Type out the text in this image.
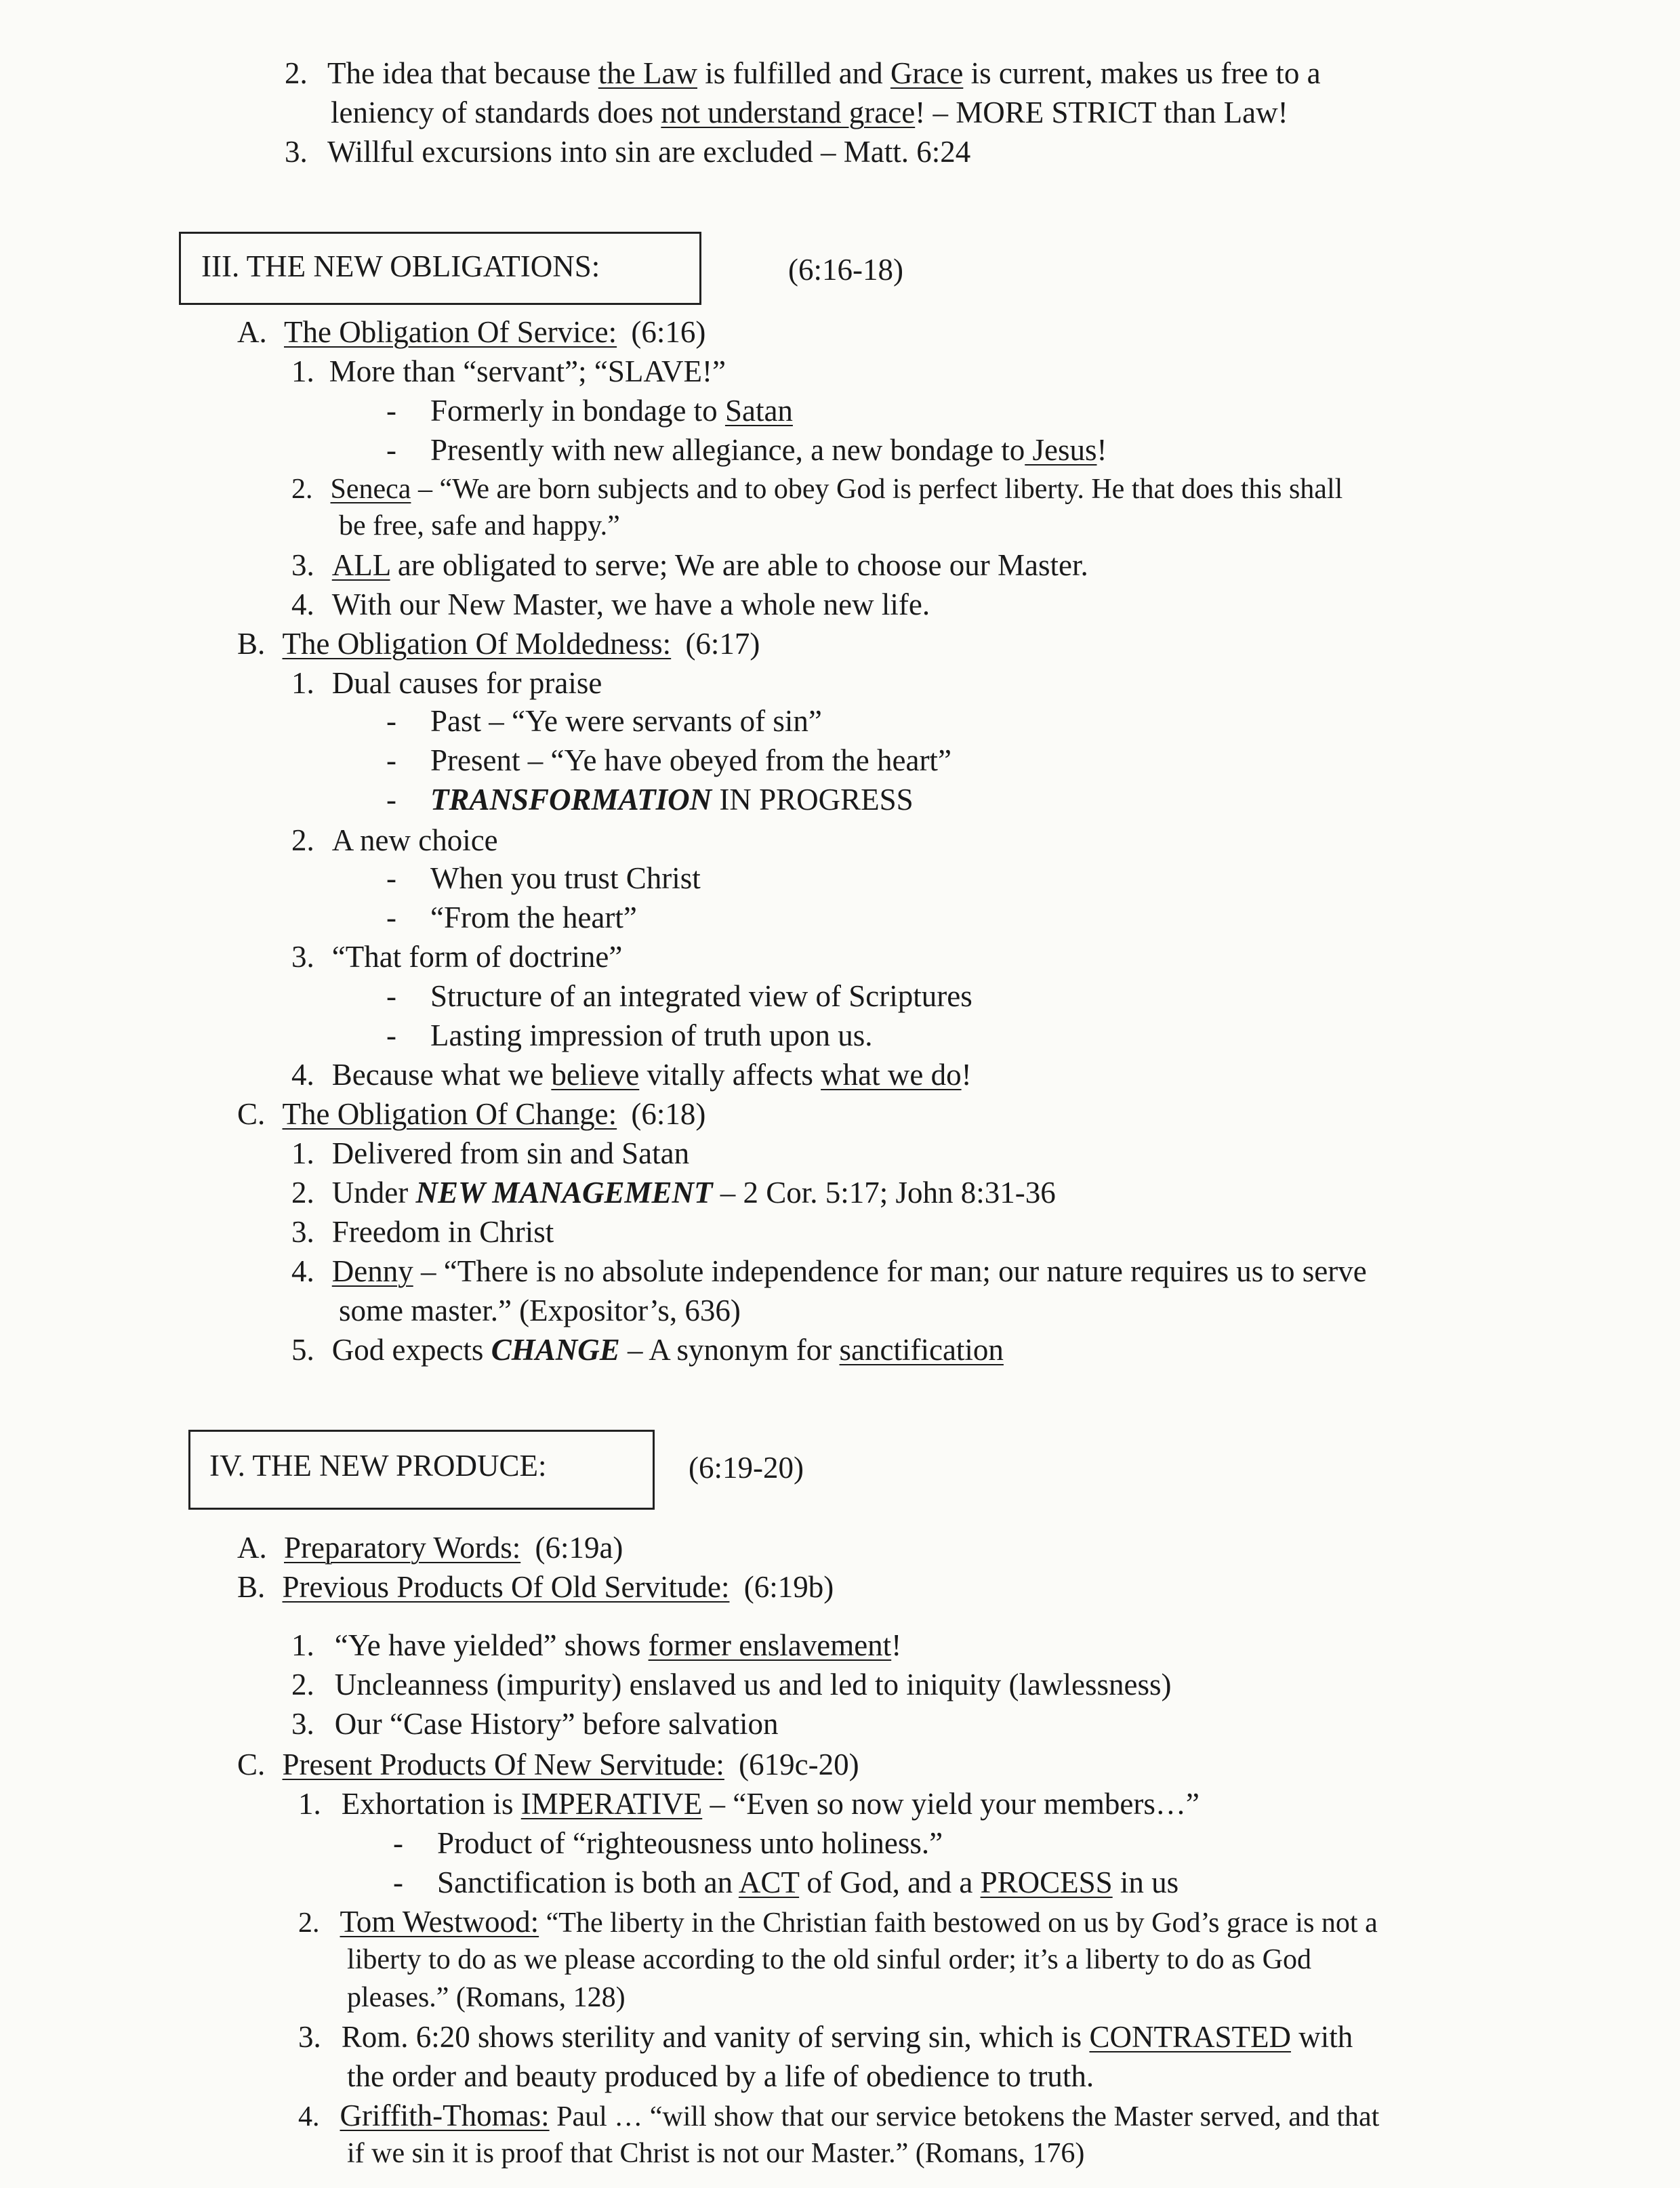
2. The idea that because the Law is fulfilled and Grace is current, makes us free to a
leniency of standards does not understand grace! – MORE STRICT than Law!
3. Willful excursions into sin are excluded – Matt. 6:24
III. THE NEW OBLIGATIONS:	(6:16-18)
A. The Obligation Of Service: (6:16)
1. More than “servant”; “SLAVE!”
- Formerly in bondage to Satan
- Presently with new allegiance, a new bondage to Jesus!
2. Seneca – “We are born subjects and to obey God is perfect liberty. He that does this shall
be free, safe and happy.”
3. ALL are obligated to serve; We are able to choose our Master.
4. With our New Master, we have a whole new life.
B. The Obligation Of Moldedness: (6:17)
1. Dual causes for praise
- Past – “Ye were servants of sin”
- Present – “Ye have obeyed from the heart”
- TRANSFORMATION IN PROGRESS
2. A new choice
- When you trust Christ
- “From the heart”
3. “That form of doctrine”
- Structure of an integrated view of Scriptures
- Lasting impression of truth upon us.
4. Because what we believe vitally affects what we do!
C. The Obligation Of Change: (6:18)
1. Delivered from sin and Satan
2. Under NEW MANAGEMENT – 2 Cor. 5:17; John 8:31-36
3. Freedom in Christ
4. Denny – “There is no absolute independence for man; our nature requires us to serve
some master.” (Expositor’s, 636)
5. God expects CHANGE – A synonym for sanctification
IV. THE NEW PRODUCE:	(6:19-20)
A. Preparatory Words: (6:19a)
B. Previous Products Of Old Servitude: (6:19b)
1. “Ye have yielded” shows former enslavement!
2. Uncleanness (impurity) enslaved us and led to iniquity (lawlessness)
3. Our “Case History” before salvation
C. Present Products Of New Servitude: (619c-20)
1. Exhortation is IMPERATIVE – “Even so now yield your members…”
- Product of “righteousness unto holiness.”
- Sanctification is both an ACT of God, and a PROCESS in us
2. Tom Westwood: “The liberty in the Christian faith bestowed on us by God’s grace is not a
liberty to do as we please according to the old sinful order; it’s a liberty to do as God
pleases.” (Romans, 128)
3. Rom. 6:20 shows sterility and vanity of serving sin, which is CONTRASTED with
the order and beauty produced by a life of obedience to truth.
4. Griffith-Thomas: Paul … “will show that our service betokens the Master served, and that
if we sin it is proof that Christ is not our Master.” (Romans, 176)
